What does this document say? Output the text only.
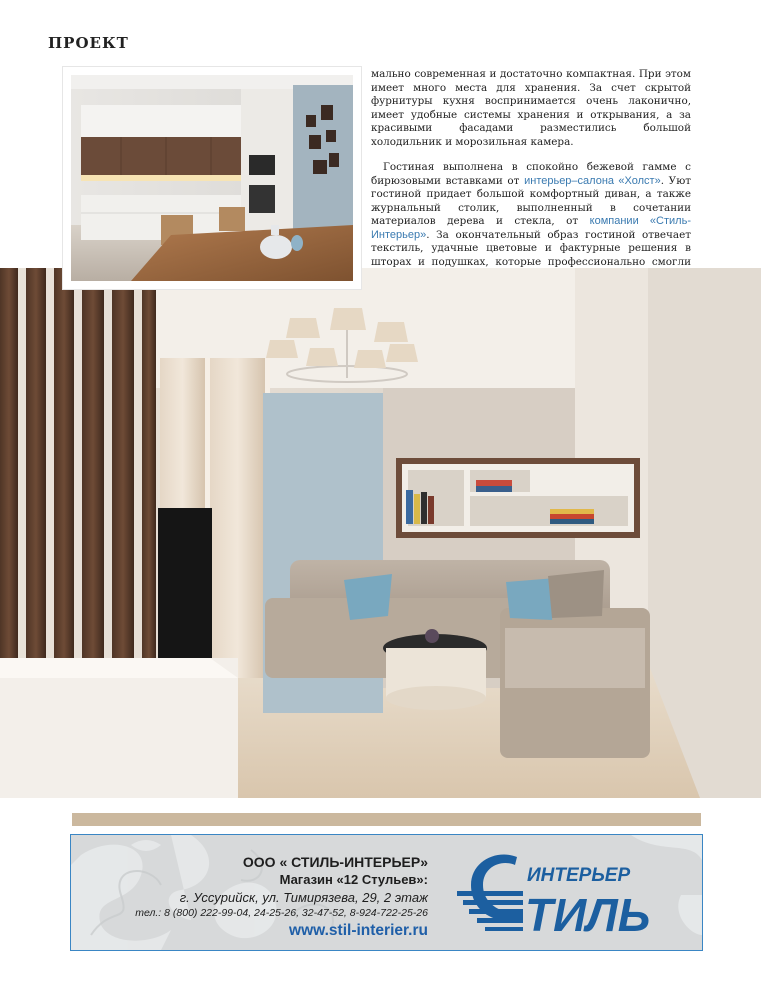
ПРОЕКТ

мально современная и достаточно компактная. При этом имеет много места для хранения. За счет скрытой фурнитуры кухня воспринимается очень лаконично, имеет удобные системы хранения и открывания, а за красивыми фасадами разместились большой холодильник и морозильная камера.

Гостиная выполнена в спокойно бежевой гамме с бирюзовыми вставками от интерьер–салона «Холст». Уют гостиной придает большой комфортный диван, а также журнальный столик, выполненный в сочетании материалов дерева и стекла, от компании «Стиль-Интерьер». За окончательный образ гостиной отвечает текстиль, удачные цветовые и фактурные решения в шторах и подушках, которые профессионально смогли

ООО « СТИЛЬ-ИНТЕРЬЕР»
Магазин «12 Стульев»:
г. Уссурийск, ул. Тимирязева, 29, 2 этаж
тел.: 8 (800) 222-99-04, 24-25-26, 32-47-52, 8-924-722-25-26
www.stil-interier.ru
ИНТЕРЬЕР
ТИЛЬ
